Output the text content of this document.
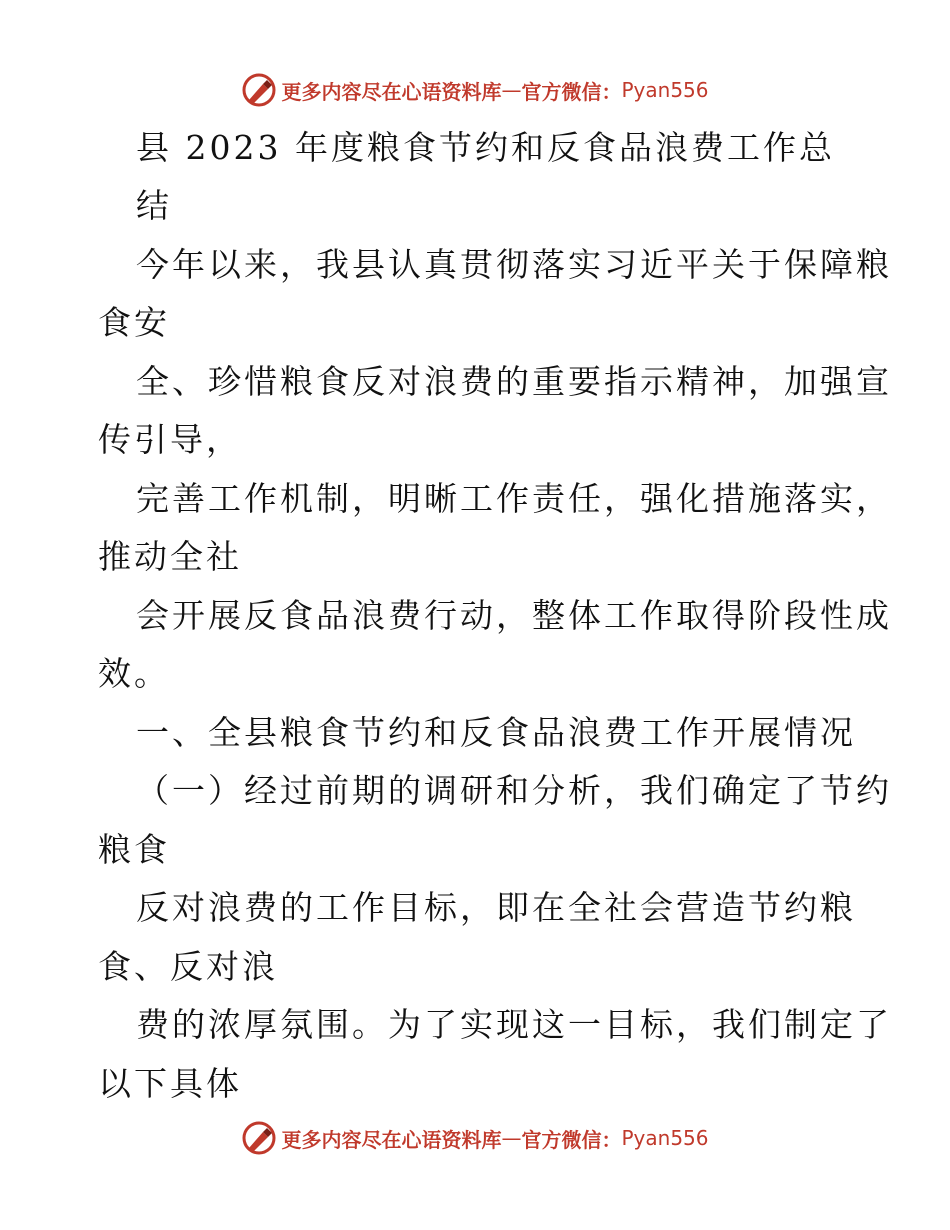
更多内容尽在心语资料库 — 官方微信： Pyan556
县 2023 年度粮食节约和反食品浪费工作总
结
今年以来，我县认真贯彻落实习近平关于保障粮
食安
全、珍惜粮食反对浪费的重要指示精神，加强宣
传引导，
完善工作机制，明晰工作责任，强化措施落实，
推动全社
会开展反食品浪费行动，整体工作取得阶段性成
效。
一、全县粮食节约和反食品浪费工作开展情况
（一）经过前期的调研和分析，我们确定了节约
粮食
反对浪费的工作目标，即在全社会营造节约粮
食、反对浪
费的浓厚氛围。为了实现这一目标，我们制定了
以下具体
更多内容尽在心语资料库 — 官方微信： Pyan556
